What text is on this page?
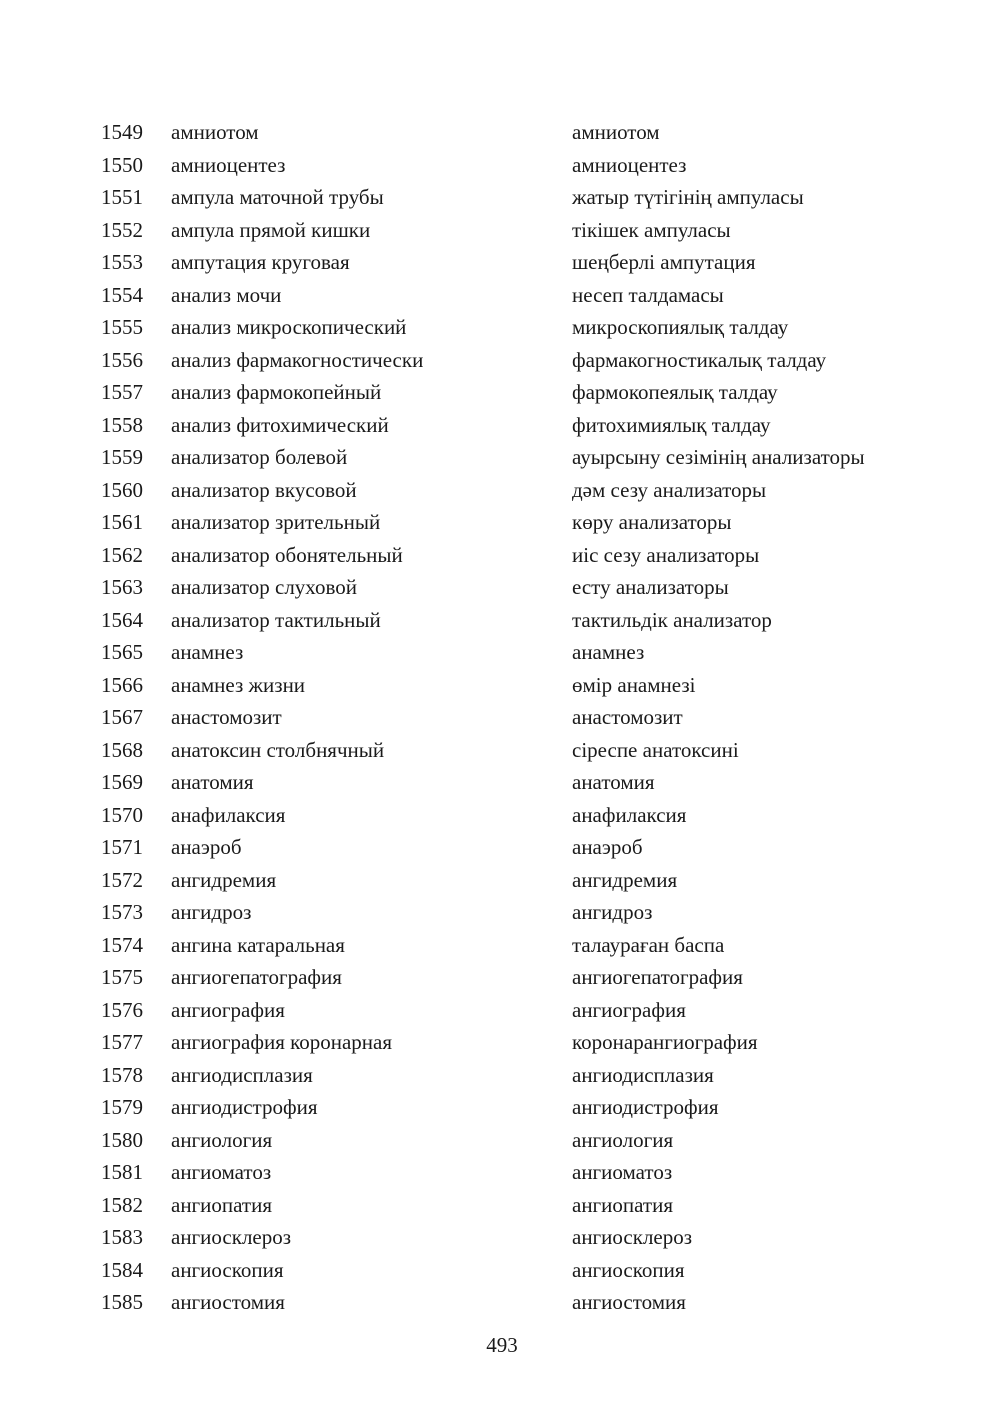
1549 амниотом	амниотом
1550 амниоцентез	амниоцентез
1551 ампула маточной трубы	жатыр түтігінің ампуласы
1552 ампула прямой кишки	тікішек ампуласы
1553 ампутация круговая	шеңберлі ампутация
1554 анализ мочи	несеп талдамасы
1555 анализ микроскопический	микроскопиялық талдау
1556 анализ фармакогностически	фармакогностикалық талдау
1557 анализ фармокопейный	фармокопеялық талдау
1558 анализ фитохимический	фитохимиялық талдау
1559 анализатор болевой	ауырсыну сезімінің анализаторы
1560 анализатор вкусовой	дәм сезу анализаторы
1561 анализатор зрительный	көру анализаторы
1562 анализатор обонятельный	иіс сезу анализаторы
1563 анализатор слуховой	есту анализаторы
1564 анализатор тактильный	тактильдік анализатор
1565 анамнез	анамнез
1566 анамнез жизни	өмір анамнезі
1567 анастомозит	анастомозит
1568 анатоксин столбнячный	сіреспе анатоксині
1569 анатомия	анатомия
1570 анафилаксия	анафилаксия
1571 анаэроб	анаэроб
1572 ангидремия	ангидремия
1573 ангидроз	ангидроз
1574 ангина катаральная	талаураған баспа
1575 ангиогепатография	ангиогепатография
1576 ангиография	ангиография
1577 ангиография коронарная	коронарангиография
1578 ангиодисплазия	ангиодисплазия
1579 ангиодистрофия	ангиодистрофия
1580 ангиология	ангиология
1581 ангиоматоз	ангиоматоз
1582 ангиопатия	ангиопатия
1583 ангиосклероз	ангиосклероз
1584 ангиоскопия	ангиоскопия
1585 ангиостомия	ангиостомия
493
